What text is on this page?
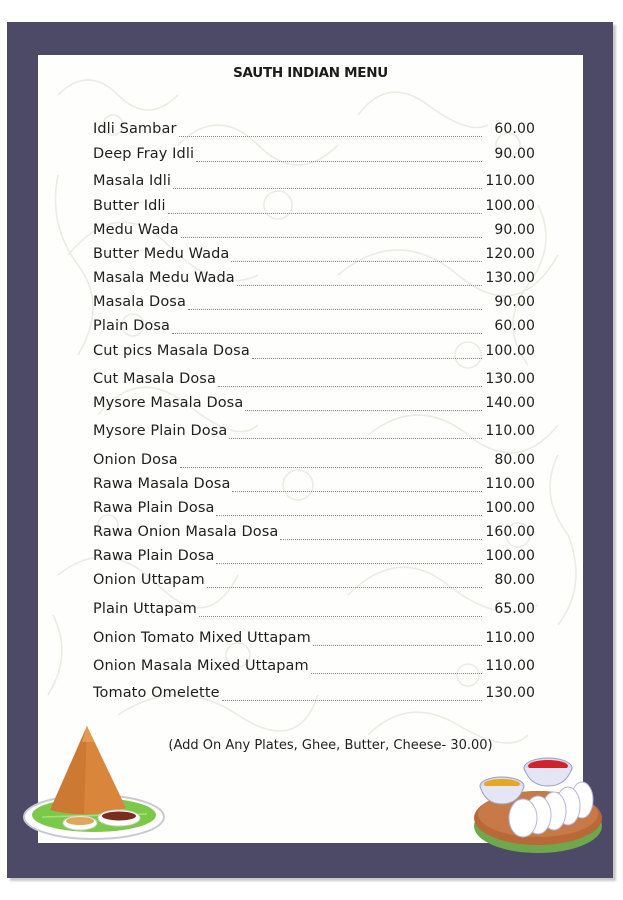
SAUTH INDIAN MENU
Idli Sambar	60.00
Deep Fray Idli	90.00
Masala Idli	110.00
Butter Idli	100.00
Medu Wada	90.00
Butter Medu Wada	120.00
Masala Medu Wada	130.00
Masala Dosa	90.00
Plain Dosa	60.00
Cut pics Masala Dosa	100.00
Cut Masala Dosa	130.00
Mysore Masala Dosa	140.00
Mysore Plain Dosa	110.00
Onion Dosa	80.00
Rawa Masala Dosa	110.00
Rawa Plain Dosa	100.00
Rawa Onion Masala Dosa	160.00
Rawa Plain Dosa	100.00
Onion Uttapam	80.00
Plain Uttapam	65.00
Onion Tomato Mixed Uttapam	110.00
Onion Masala Mixed Uttapam	110.00
Tomato Omelette	130.00
(Add On Any Plates, Ghee, Butter, Cheese- 30.00)
